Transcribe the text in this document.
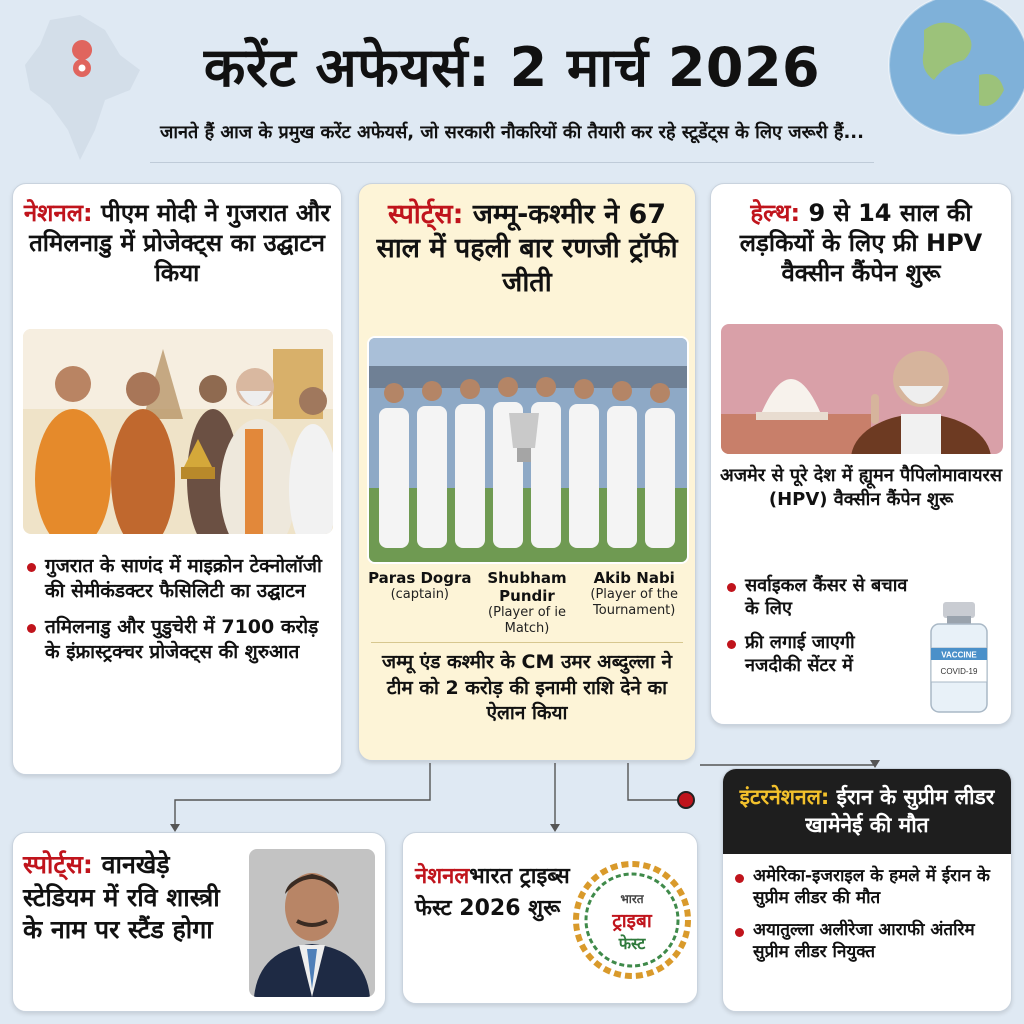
करेंट अफेयर्स: 2 मार्च 2026

जानते हैं आज के प्रमुख करेंट अफेयर्स, जो सरकारी नौकरियों की तैयारी कर रहे स्टूडेंट्स के लिए जरूरी हैं...

नेशनल: पीएम मोदी ने गुजरात और तमिलनाडु में प्रोजेक्ट्स का उद्घाटन किया
गुजरात के साणंद में माइक्रोन टेक्नोलॉजी की सेमीकंडक्टर फैसिलिटी का उद्घाटन
तमिलनाडु और पुडुचेरी में 7100 करोड़ के इंफ्रास्ट्रक्चर प्रोजेक्ट्स की शुरुआत
स्पोर्ट्स: जम्मू-कश्मीर ने 67 साल में पहली बार रणजी ट्रॉफी जीती
Paras Dogra
(captain)
Shubham Pundir
(Player of ie Match)
Akib Nabi
(Player of the Tournament)

जम्मू एंड कश्मीर के CM उमर अब्दुल्ला ने टीम को 2 करोड़ की इनामी राशि देने का ऐलान किया

हेल्थ: 9 से 14 साल की लड़कियों के लिए फ्री HPV वैक्सीन कैंपेन शुरू

अजमेर से पूरे देश में ह्यूमन पैपिलोमावायरस (HPV) वैक्सीन कैंपेन शुरू

सर्वाइकल कैंसर से बचाव के लिए
फ्री लगाई जाएगी नजदीकी सेंटर में
VACCINE
COVID-19
स्पोर्ट्स: वानखेड़े स्टेडियम में रवि शास्त्री के नाम पर स्टैंड होगा
नेशनलभारत ट्राइब्स फेस्ट 2026 शुरू	भारत
ट्राइबा
फेस्ट
इंटरनेशनल: ईरान के सुप्रीम लीडर खामेनेई की मौत
अमेरिका-इजराइल के हमले में ईरान के सुप्रीम लीडर की मौत
अयातुल्ला अलीरेजा आराफी अंतरिम सुप्रीम लीडर नियुक्त
